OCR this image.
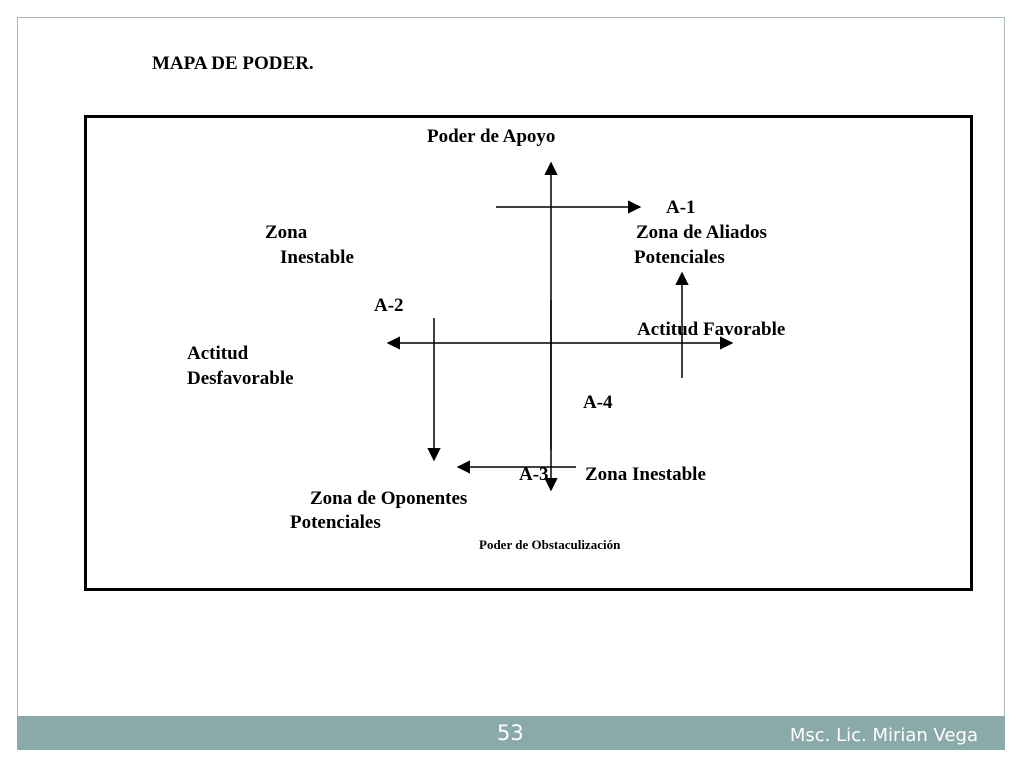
MAPA DE PODER.
Poder de Apoyo
A-1
Zona de Aliados
Potenciales
Zona
Inestable
A-2
Actitud Favorable
Actitud
Desfavorable
A-4
A-3 Zona Inestable
Zona de Oponentes
Potenciales
Poder de Obstaculización
53	Msc. Lic. Mirian Vega
